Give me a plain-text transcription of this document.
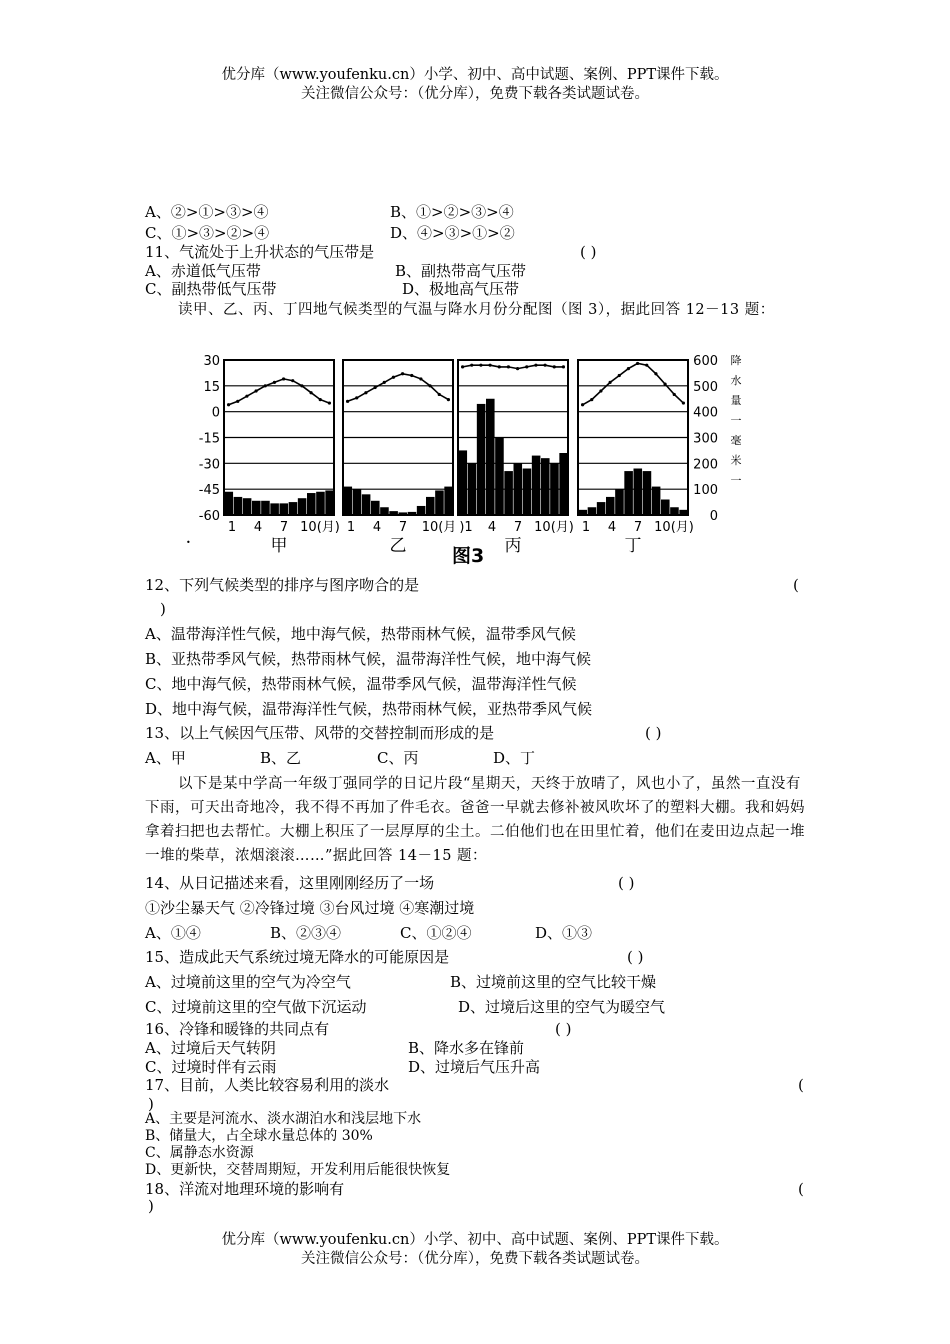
优分库（www.youfenku.cn）小学、初中、高中试题、案例、PPT课件下载。
关注微信公众号：（优分库），免费下载各类试题试卷。
A、②>①>③>④	B、①>②>③>④
C、①>③>②>④	D、④>③>①>②
11、气流处于上升状态的气压带是	( )
A、赤道低气压带	B、副热带高气压带
C、副热带低气压带	D、极地高气压带
读甲、乙、丙、丁四地气候类型的气温与降水月份分配图（图 3），据此回答 12－13 题：
30
15
0
-15
-30
-45
-60
600
500
400
300
200
100
0
降
水
量
一
毫
米
一
1 4 7 10(月)
甲
1 4 7 10(月
乙
)1 4 7 10(月)
丙
1 4 7 10(月)
丁
图3
•
12、下列气候类型的排序与图序吻合的是	(
)
A、温带海洋性气候，地中海气候，热带雨林气候，温带季风气候
B、亚热带季风气候，热带雨林气候，温带海洋性气候，地中海气候
C、地中海气候，热带雨林气候，温带季风气候，温带海洋性气候
D、地中海气候，温带海洋性气候，热带雨林气候，亚热带季风气候
13、以上气候因气压带、风带的交替控制而形成的是	( )
A、甲	B、乙	C、丙	D、丁
以下是某中学高一年级丁强同学的日记片段“星期天，天终于放晴了，风也小了，虽然一直没有下雨，可天出奇地冷，我不得不再加了件毛衣。爸爸一早就去修补被风吹坏了的塑料大棚。我和妈妈拿着扫把也去帮忙。大棚上积压了一层厚厚的尘土。二伯他们也在田里忙着，他们在麦田边点起一堆一堆的柴草，浓烟滚滚……”据此回答 14－15 题：
14、从日记描述来看，这里刚刚经历了一场	( )
①沙尘暴天气 ②冷锋过境 ③台风过境 ④寒潮过境
A、①④	B、②③④	C、①②④	D、①③
15、造成此天气系统过境无降水的可能原因是	( )
A、过境前这里的空气为冷空气	B、过境前这里的空气比较干燥
C、过境前这里的空气做下沉运动	D、过境后这里的空气为暖空气
16、冷锋和暖锋的共同点有	( )
A、过境后天气转阴	B、降水多在锋前
C、过境时伴有云雨	D、过境后气压升高
17、目前，人类比较容易利用的淡水	(
)
A、主要是河流水、淡水湖泊水和浅层地下水
B、储量大，占全球水量总体的 30%
C、属静态水资源
D、更新快，交替周期短，开发利用后能很快恢复
18、洋流对地理环境的影响有	(
)
优分库（www.youfenku.cn）小学、初中、高中试题、案例、PPT课件下载。
关注微信公众号：（优分库），免费下载各类试题试卷。
